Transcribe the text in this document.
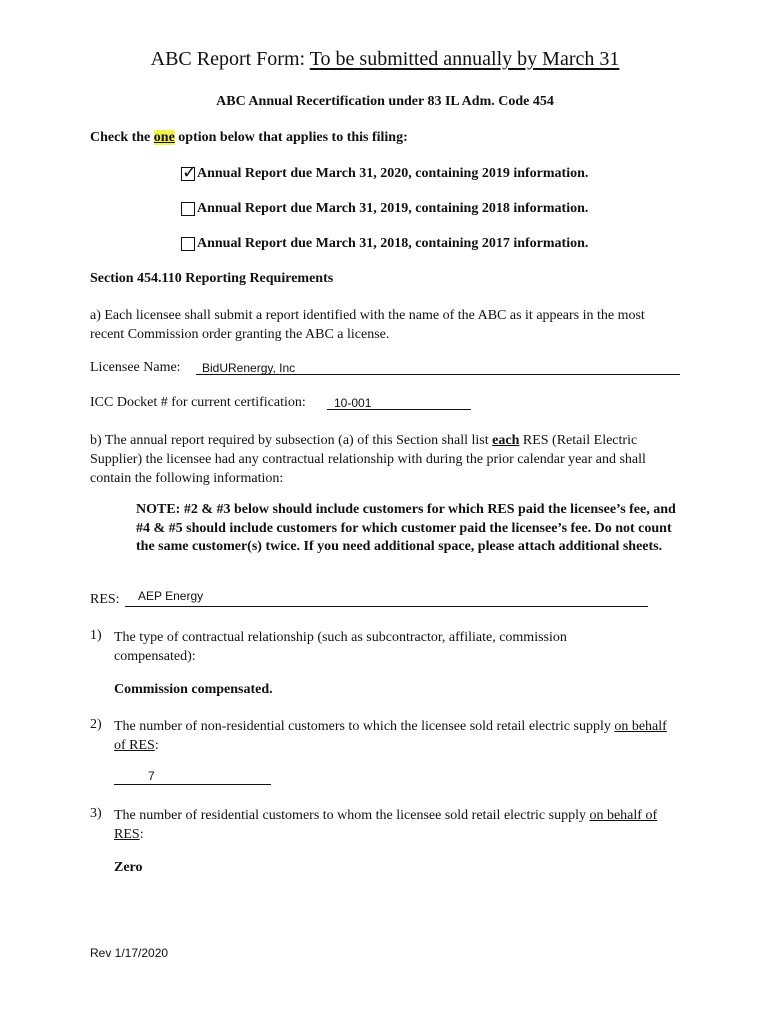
ABC Report Form: To be submitted annually by March 31
ABC Annual Recertification under 83 IL Adm. Code 454
Check the one option below that applies to this filing:
✓ Annual Report due March 31, 2020, containing 2019 information.
Annual Report due March 31, 2019, containing 2018 information.
Annual Report due March 31, 2018, containing 2017 information.
Section 454.110 Reporting Requirements
a) Each licensee shall submit a report identified with the name of the ABC as it appears in the most recent Commission order granting the ABC a license.
Licensee Name: BidURenergy, Inc
ICC Docket # for current certification: 10-001
b) The annual report required by subsection (a) of this Section shall list each RES (Retail Electric Supplier) the licensee had any contractual relationship with during the prior calendar year and shall contain the following information:
NOTE: #2 & #3 below should include customers for which RES paid the licensee’s fee, and #4 & #5 should include customers for which customer paid the licensee’s fee. Do not count the same customer(s) twice. If you need additional space, please attach additional sheets.
RES: AEP Energy
1) The type of contractual relationship (such as subcontractor, affiliate, commission compensated):
Commission compensated.
2) The number of non-residential customers to which the licensee sold retail electric supply on behalf of RES:
7
3) The number of residential customers to whom the licensee sold retail electric supply on behalf of RES:
Zero
Rev 1/17/2020
